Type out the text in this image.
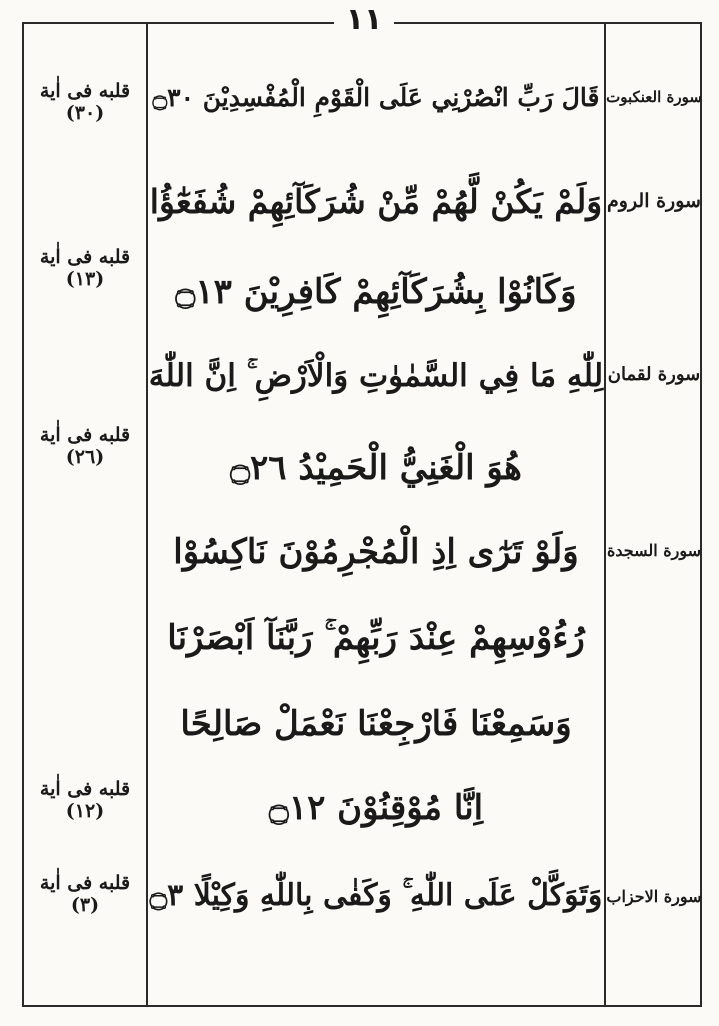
١١
سورة العنکبوت
قَالَ رَبِّ انْصُرْنِي عَلَى الْقَوْمِ الْمُفْسِدِيْنَ ۝٣٠
قلبه فی اٰیة
(٣٠)
سورة الروم
وَلَمْ يَكُنْ لَّهُمْ مِّنْ شُرَكَآئِهِمْ شُفَعٰٓؤُا
وَكَانُوْا بِشُرَكَآئِهِمْ كَافِرِيْنَ ۝١٣
قلبه فی اٰیة
(١٣)
سورة لقمان
لِلّٰهِ مَا فِي السَّمٰوٰتِ وَالْاَرْضِ ۚ اِنَّ اللّٰهَ
هُوَ الْغَنِيُّ الْحَمِيْدُ ۝٢٦
قلبه فی اٰیة
(٢٦)
سورة السجدة
وَلَوْ تَرٰٓى اِذِ الْمُجْرِمُوْنَ نَاكِسُوْا
رُءُوْسِهِمْ عِنْدَ رَبِّهِمْ ۚ رَبَّنَآ اَبْصَرْنَا
وَسَمِعْنَا فَارْجِعْنَا نَعْمَلْ صَالِحًا
اِنَّا مُوْقِنُوْنَ ۝١٢
قلبه فی اٰیة
(١٢)
سورة الاحزاب
وَتَوَكَّلْ عَلَى اللّٰهِ ۚ وَكَفٰى بِاللّٰهِ وَكِيْلًا ۝٣
قلبه فی اٰیة
(٣)
